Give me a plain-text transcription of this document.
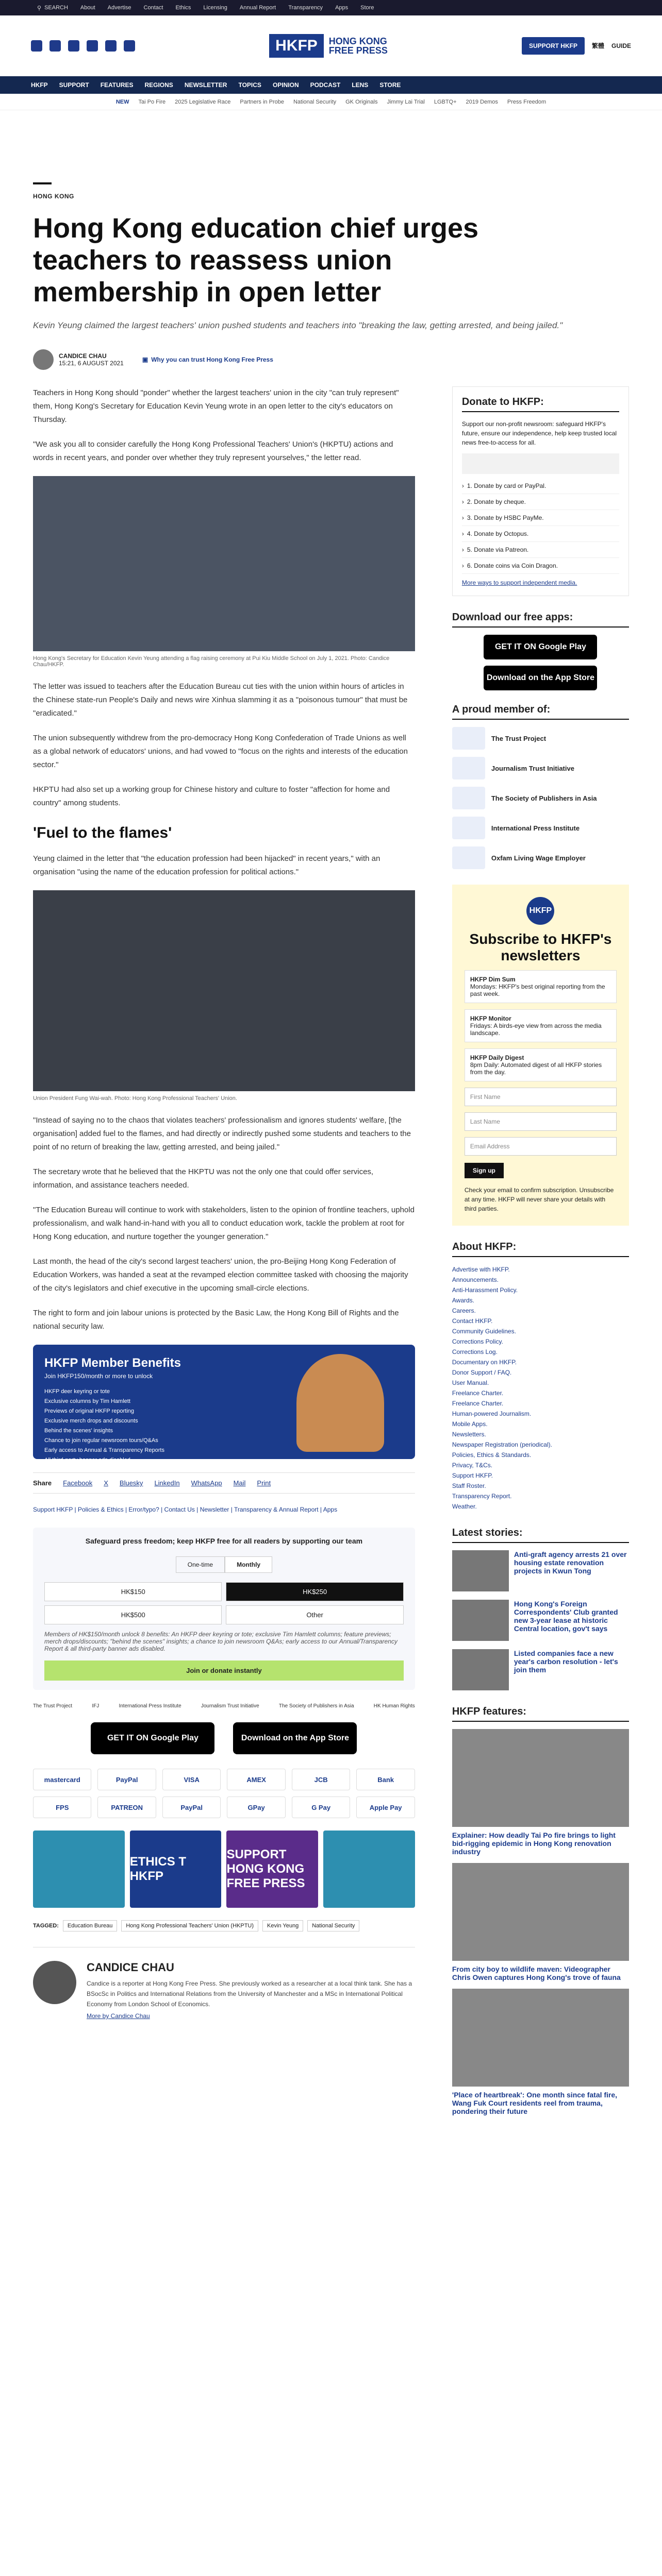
⚲ SEARCH About Advertise Contact Ethics Licensing Annual Report Transparency Apps Store
HKFP	HONG KONG
FREE PRESS	SUPPORT HKFP	繁體 GUIDE
HKFP SUPPORT FEATURES REGIONS NEWSLETTER TOPICS OPINION PODCAST LENS STORE
NEW Tai Po Fire 2025 Legislative Race Partners in Probe National Security GK Originals Jimmy Lai Trial LGBTQ+ 2019 Demos Press Freedom
HONG KONG
Hong Kong education chief urges teachers to reassess union membership in open letter
Kevin Yeung claimed the largest teachers' union pushed students and teachers into "breaking the law, getting arrested, and being jailed."
CANDICE CHAU
15:21, 6 AUGUST 2021	▣ Why you can trust Hong Kong Free Press

Teachers in Hong Kong should "ponder" whether the largest teachers' union in the city "can truly represent" them, Hong Kong's Secretary for Education Kevin Yeung wrote in an open letter to the city's educators on Thursday.

"We ask you all to consider carefully the Hong Kong Professional Teachers' Union's (HKPTU) actions and words in recent years, and ponder over whether they truly represent yourselves," the letter read.

Hong Kong's Secretary for Education Kevin Yeung attending a flag raising ceremony at Pui Kiu Middle School on July 1, 2021. Photo: Candice Chau/HKFP.

The letter was issued to teachers after the Education Bureau cut ties with the union within hours of articles in the Chinese state-run People's Daily and news wire Xinhua slamming it as a "poisonous tumour" that must be "eradicated."

The union subsequently withdrew from the pro-democracy Hong Kong Confederation of Trade Unions as well as a global network of educators' unions, and had vowed to "focus on the rights and interests of the education sector."

HKPTU had also set up a working group for Chinese history and culture to foster "affection for home and country" among students.

'Fuel to the flames'

Yeung claimed in the letter that "the education profession had been hijacked" in recent years," with an organisation "using the name of the education profession for political actions."

Union President Fung Wai-wah. Photo: Hong Kong Professional Teachers' Union.

"Instead of saying no to the chaos that violates teachers' professionalism and ignores students' welfare, [the organisation] added fuel to the flames, and had directly or indirectly pushed some students and teachers to the point of no return of breaking the law, getting arrested, and being jailed."

The secretary wrote that he believed that the HKPTU was not the only one that could offer services, information, and assistance teachers needed.

"The Education Bureau will continue to work with stakeholders, listen to the opinion of frontline teachers, uphold professionalism, and walk hand-in-hand with you all to conduct education work, tackle the problem at root for Hong Kong education, and nurture together the younger generation."

Last month, the head of the city's second largest teachers' union, the pro-Beijing Hong Kong Federation of Education Workers, was handed a seat at the revamped election committee tasked with choosing the majority of the city's legislators and chief executive in the upcoming small-circle elections.

The right to form and join labour unions is protected by the Basic Law, the Hong Kong Bill of Rights and the national security law.

HKFP Member Benefits
Join HKFP150/month or more to unlock
HKFP deer keyring or tote
Exclusive columns by Tim Hamlett
Previews of original HKFP reporting
Exclusive merch drops and discounts
Behind the scenes' insights
Chance to join regular newsroom tours/Q&As
Early access to Annual & Transparency Reports
All third-party banner ads disabled
Share Facebook X Bluesky LinkedIn WhatsApp Mail Print
Support HKFP | Policies & Ethics | Error/typo? | Contact Us | Newsletter | Transparency & Annual Report | Apps
Safeguard press freedom; keep HKFP free for all readers by supporting our team
One-time	Monthly
HK$150	HK$250
HK$500	Other
Members of HK$150/month unlock 8 benefits: An HKFP deer keyring or tote; exclusive Tim Hamlett columns; feature previews; merch drops/discounts; "behind the scenes" insights; a chance to join newsroom Q&As; early access to our Annual/Transparency Report & all third-party banner ads disabled.
Join or donate instantly
The Trust Project	IFJ	International Press Institute	Journalism Trust Initiative	The Society of Publishers in Asia	HK Human Rights
GET IT ON Google Play	Download on the App Store
mastercard	PayPal	VISA	AMEX	JCB	Bank
FPS	PATREON	PayPal	GPay	G Pay	Apple Pay
ETHICS T HKFP
SUPPORT HONG KONG FREE PRESS
TAGGED:	Education Bureau	Hong Kong Professional Teachers' Union (HKPTU)	Kevin Yeung	National Security
CANDICE CHAU
Candice is a reporter at Hong Kong Free Press. She previously worked as a researcher at a local think tank. She has a BSocSc in Politics and International Relations from the University of Manchester and a MSc in International Political Economy from London School of Economics.
More by Candice Chau
Donate to HKFP:

Support our non-profit newsroom: safeguard HKFP's future, ensure our independence, help keep trusted local news free-to-access for all.

› 1. Donate by card or PayPal.
› 2. Donate by cheque.
› 3. Donate by HSBC PayMe.
› 4. Donate by Octopus.
› 5. Donate via Patreon.
› 6. Donate coins via Coin Dragon.
More ways to support independent media.
Download our free apps:
GET IT ON Google Play
Download on the App Store
A proud member of:
The Trust Project
Journalism Trust Initiative
The Society of Publishers in Asia
International Press Institute
Oxfam Living Wage Employer
HKFP
Subscribe to HKFP's newsletters
HKFP Dim Sum
Mondays: HKFP's best original reporting from the past week.
HKFP Monitor
Fridays: A birds-eye view from across the media landscape.
HKFP Daily Digest
8pm Daily: Automated digest of all HKFP stories from the day.
First Name
Last Name
Email Address
Sign up

Check your email to confirm subscription. Unsubscribe at any time. HKFP will never share your details with third parties.

About HKFP:
Advertise with HKFP.
Announcements.
Anti-Harassment Policy.
Awards.
Careers.
Contact HKFP.
Community Guidelines.
Corrections Policy.
Corrections Log.
Documentary on HKFP.
Donor Support / FAQ.
User Manual.
Freelance Charter.
Freelance Charter.
Human-powered Journalism.
Mobile Apps.
Newsletters.
Newspaper Registration (periodical).
Policies, Ethics & Standards.
Privacy, T&Cs.
Support HKFP.
Staff Roster.
Transparency Report.
Weather.
Latest stories:
Anti-graft agency arrests 21 over housing estate renovation projects in Kwun Tong
Hong Kong's Foreign Correspondents' Club granted new 3-year lease at historic Central location, gov't says
Listed companies face a new year's carbon resolution - let's join them
HKFP features:
Explainer: How deadly Tai Po fire brings to light bid-rigging epidemic in Hong Kong renovation industry
From city boy to wildlife maven: Videographer Chris Owen captures Hong Kong's trove of fauna
'Place of heartbreak': One month since fatal fire, Wang Fuk Court residents reel from trauma, pondering their future
